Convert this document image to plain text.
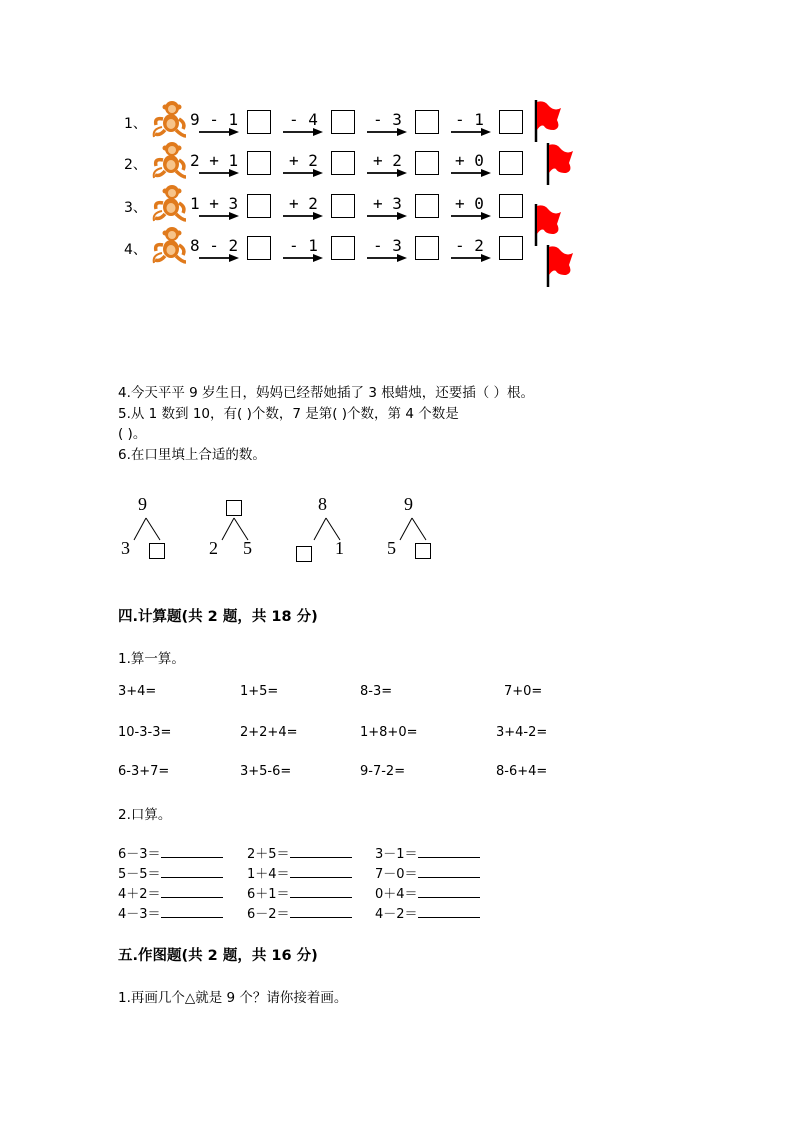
1、	9 - 1	- 4	- 3	- 1
2、	2 + 1	+ 2	+ 2	+ 0
3、	1 + 3	+ 2	+ 3	+ 0
4、	8 - 2	- 1	- 3	- 2
4.今天平平 9 岁生日，妈妈已经帮她插了 3 根蜡烛，还要插（ ）根。
5.从 1 数到 10，有( )个数，7 是第( )个数，第 4 个数是
( )。
6.在口里填上合适的数。
9
3	2 5
8
1
9
5
四.计算题(共 2 题，共 18 分)
1.算一算。
3+4=	1+5=	8-3=	7+0=
10-3-3=	2+2+4=	1+8+0=	3+4-2=
6-3+7=	3+5-6=	9-7-2=	8-6+4=
2.口算。
6－3＝	2＋5＝	3－1＝
5－5＝	1＋4＝	7－0＝
4＋2＝	6＋1＝	0＋4＝
4－3＝	6－2＝	4－2＝
五.作图题(共 2 题，共 16 分)
1.再画几个△就是 9 个？请你接着画。
